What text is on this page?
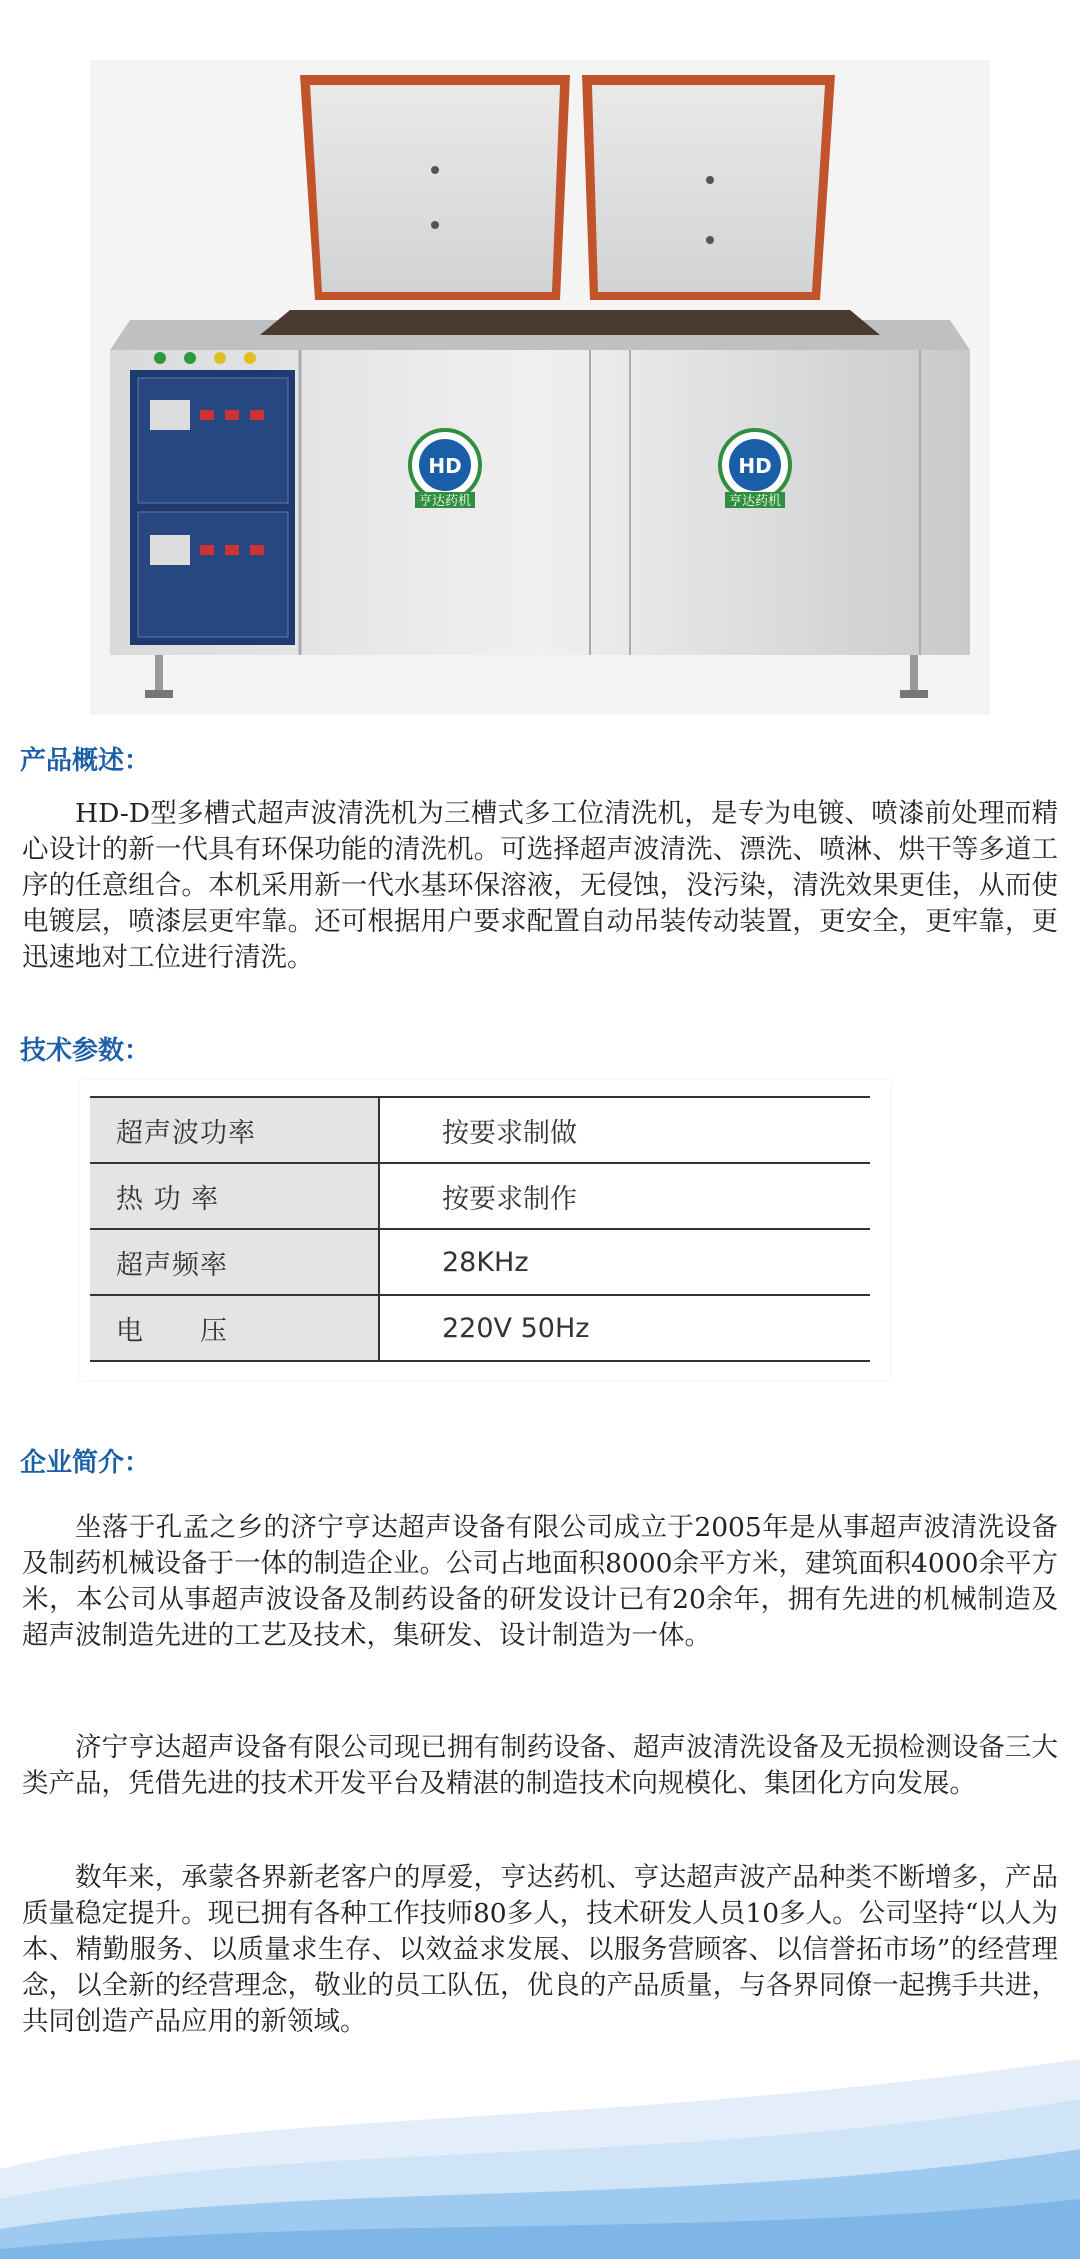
HD
亨达药机
HD
亨达药机
产品概述：

HD-D型多槽式超声波清洗机为三槽式多工位清洗机，是专为电镀、喷漆前处理而精心设计的新一代具有环保功能的清洗机。可选择超声波清洗、漂洗、喷淋、烘干等多道工序的任意组合。本机采用新一代水基环保溶液，无侵蚀，没污染，清洗效果更佳，从而使电镀层，喷漆层更牢靠。还可根据用户要求配置自动吊装传动装置，更安全，更牢靠，更迅速地对工位进行清洗。

技术参数：
超声波功率	按要求制做
热 功 率	按要求制作
超声频率	28KHz
电　　压	220V 50Hz
企业简介：

坐落于孔孟之乡的济宁亨达超声设备有限公司成立于2005年是从事超声波清洗设备及制药机械设备于一体的制造企业。公司占地面积8000余平方米，建筑面积4000余平方米，本公司从事超声波设备及制药设备的研发设计已有20余年，拥有先进的机械制造及超声波制造先进的工艺及技术，集研发、设计制造为一体。

济宁亨达超声设备有限公司现已拥有制药设备、超声波清洗设备及无损检测设备三大类产品，凭借先进的技术开发平台及精湛的制造技术向规模化、集团化方向发展。

数年来，承蒙各界新老客户的厚爱，亨达药机、亨达超声波产品种类不断增多，产品质量稳定提升。现已拥有各种工作技师80多人，技术研发人员10多人。公司坚持“以人为本、精勤服务、以质量求生存、以效益求发展、以服务营顾客、以信誉拓市场”的经营理念，以全新的经营理念，敬业的员工队伍，优良的产品质量，与各界同僚一起携手共进，共同创造产品应用的新领域。
